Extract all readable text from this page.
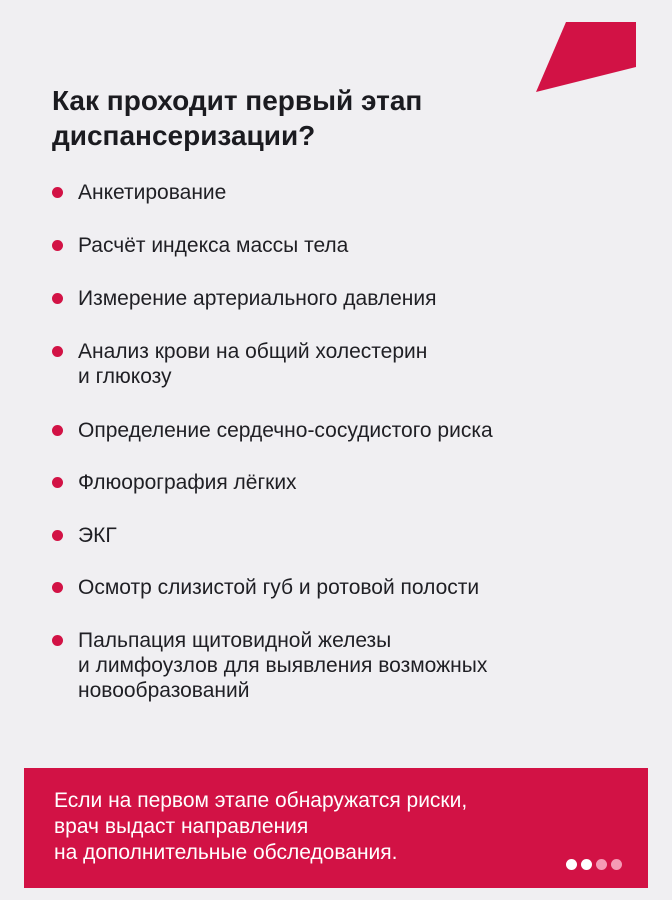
Как проходит первый этап
диспансеризации?
Анкетирование
Расчёт индекса массы тела
Измерение артериального давления
Анализ крови на общий холестерин
и глюкозу
Определение сердечно-сосудистого риска
Флюорография лёгких
ЭКГ
Осмотр слизистой губ и ротовой полости
Пальпация щитовидной железы
и лимфоузлов для выявления возможных
новообразований

Если на первом этапе обнаружатся риски,
врач выдаст направления
на дополнительные обследования.
